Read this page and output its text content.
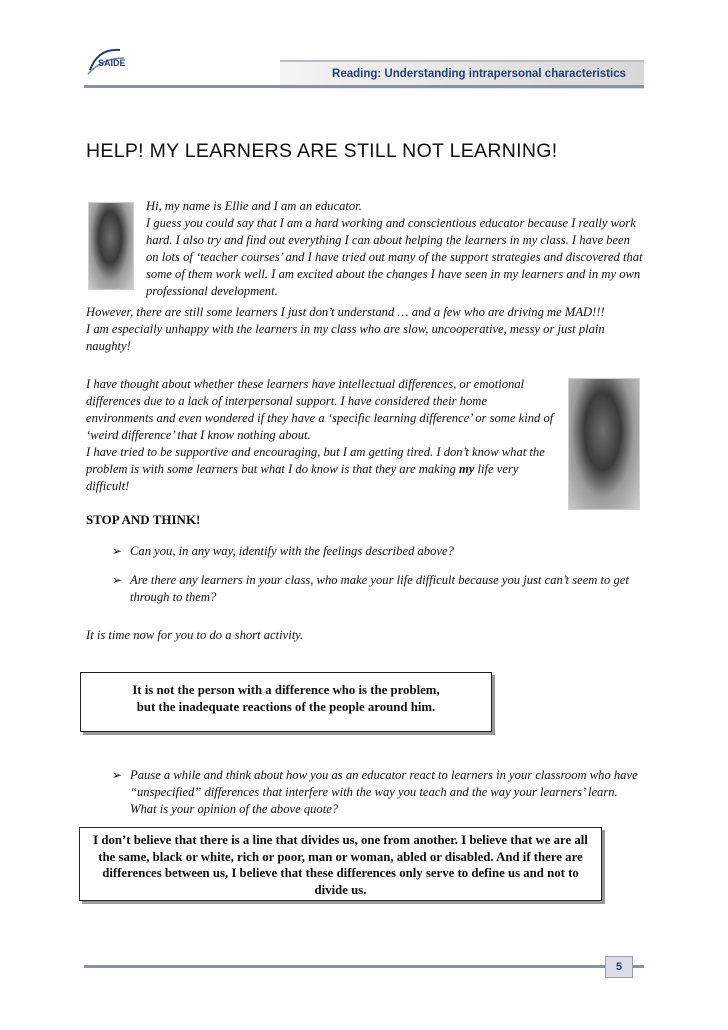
SAIDE
Reading: Understanding intrapersonal characteristics
HELP! MY LEARNERS ARE STILL NOT LEARNING!
Hi, my name is Ellie and I am an educator.
I guess you could say that I am a hard working and conscientious educator because I really work hard. I also try and find out everything I can about helping the learners in my class. I have been on lots of ‘teacher courses’ and I have tried out many of the support strategies and discovered that some of them work well. I am excited about the changes I have seen in my learners and in my own professional development.
However, there are still some learners I just don’t understand … and a few who are driving me MAD!!!
I am especially unhappy with the learners in my class who are slow, uncooperative, messy or just plain naughty!
I have thought about whether these learners have intellectual differences, or emotional differences due to a lack of interpersonal support. I have considered their home environments and even wondered if they have a ‘specific learning difference’ or some kind of ‘weird difference’ that I know nothing about.
I have tried to be supportive and encouraging, but I am getting tired. I don’t know what the problem is with some learners but what I do know is that they are making my life very difficult!
STOP AND THINK!
➢ Can you, in any way, identify with the feelings described above?
➢ Are there any learners in your class, who make your life difficult because you just can’t seem to get through to them?
It is time now for you to do a short activity.
It is not the person with a difference who is the problem,
but the inadequate reactions of the people around him.
➢ Pause a while and think about how you as an educator react to learners in your classroom who have “unspecified” differences that interfere with the way you teach and the way your learners’ learn. What is your opinion of the above quote?
I don’t believe that there is a line that divides us, one from another. I believe that we are all the same, black or white, rich or poor, man or woman, abled or disabled. And if there are differences between us, I believe that these differences only serve to define us and not to divide us.
5
